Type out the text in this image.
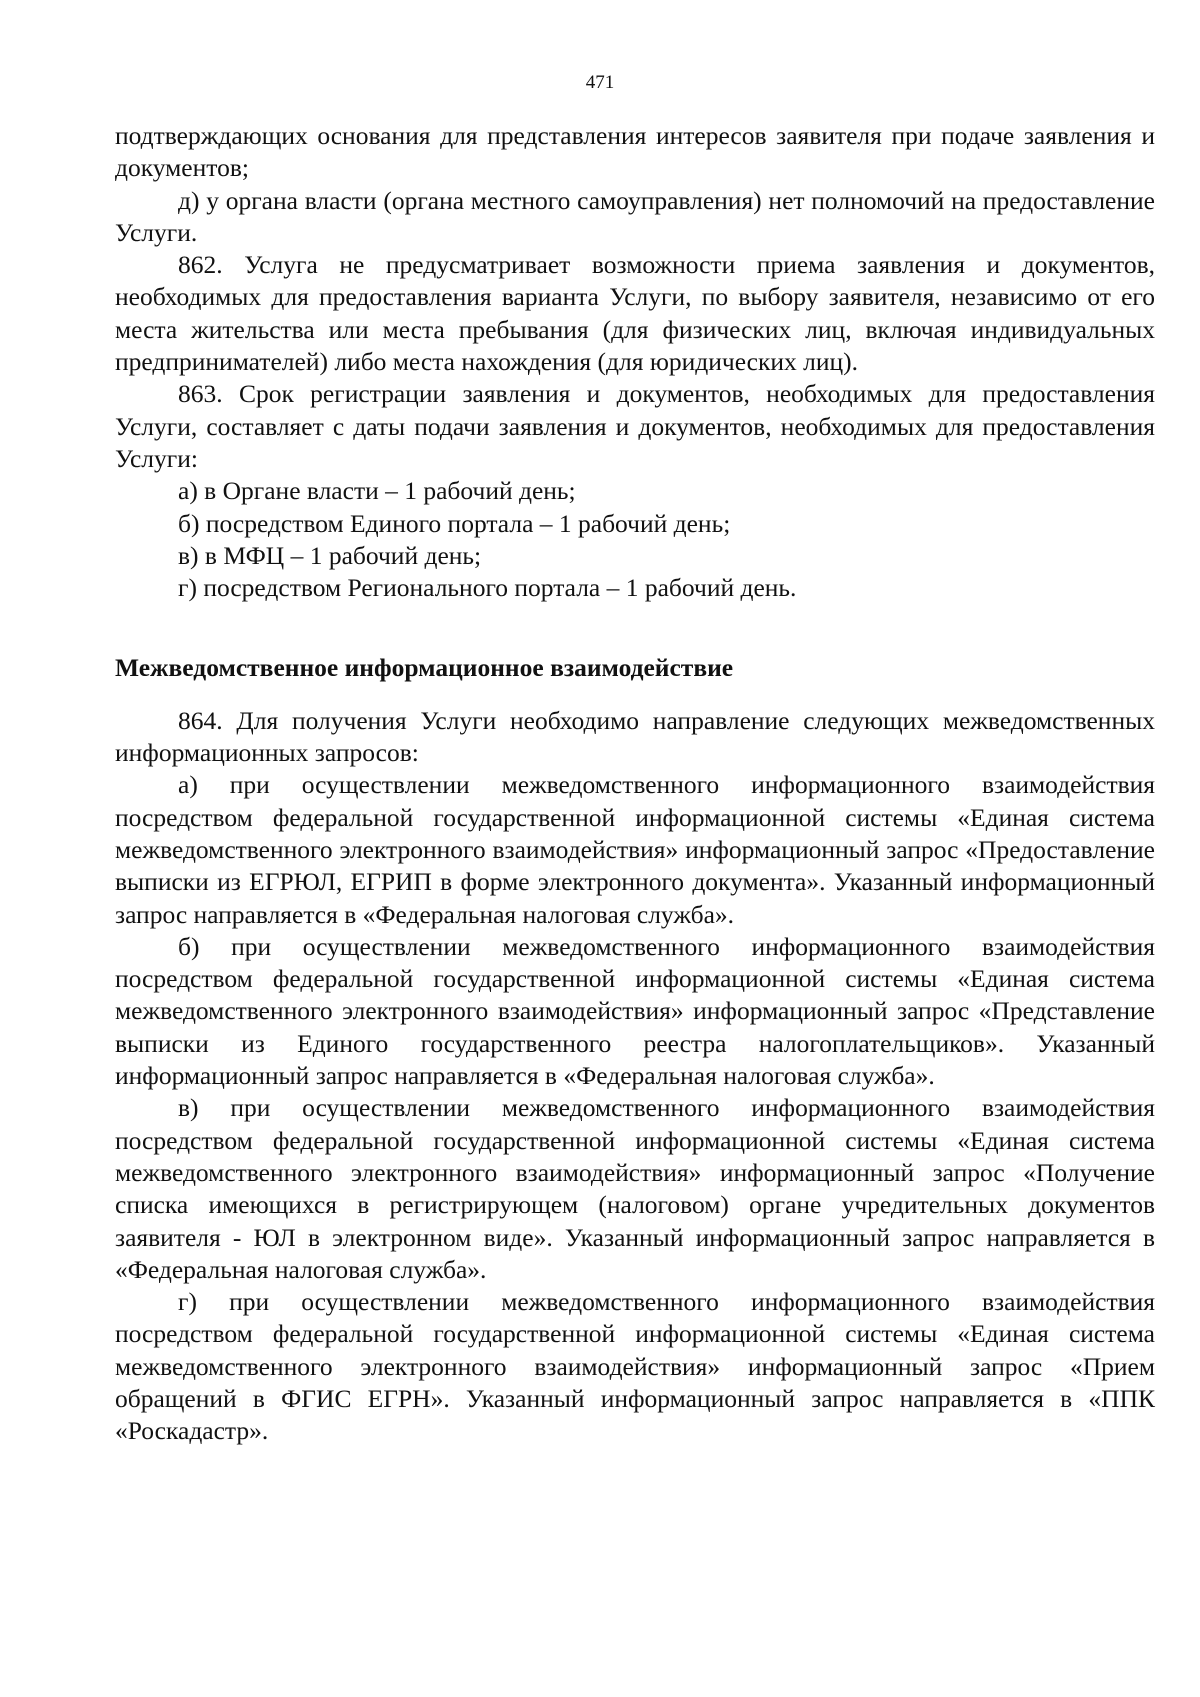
471

подтверждающих основания для представления интересов заявителя при подаче заявления и документов;

д) у органа власти (органа местного самоуправления) нет полномочий на предоставление Услуги.

862. Услуга не предусматривает возможности приема заявления и документов, необходимых для предоставления варианта Услуги, по выбору заявителя, независимо от его места жительства или места пребывания (для физических лиц, включая индивидуальных предпринимателей) либо места нахождения (для юридических лиц).

863. Срок регистрации заявления и документов, необходимых для предоставления Услуги, составляет с даты подачи заявления и документов, необходимых для предоставления Услуги:

а) в Органе власти – 1 рабочий день;

б) посредством Единого портала – 1 рабочий день;

в) в МФЦ – 1 рабочий день;

г) посредством Регионального портала – 1 рабочий день.

Межведомственное информационное взаимодействие

864. Для получения Услуги необходимо направление следующих межведомственных информационных запросов:

а) при осуществлении межведомственного информационного взаимодействия посредством федеральной государственной информационной системы «Единая система межведомственного электронного взаимодействия» информационный запрос «Предоставление выписки из ЕГРЮЛ, ЕГРИП в форме электронного документа». Указанный информационный запрос направляется в «Федеральная налоговая служба».

б) при осуществлении межведомственного информационного взаимодействия посредством федеральной государственной информационной системы «Единая система межведомственного электронного взаимодействия» информационный запрос «Представление выписки из Единого государственного реестра налогоплательщиков». Указанный информационный запрос направляется в «Федеральная налоговая служба».

в) при осуществлении межведомственного информационного взаимодействия посредством федеральной государственной информационной системы «Единая система межведомственного электронного взаимодействия» информационный запрос «Получение списка имеющихся в регистрирующем (налоговом) органе учредительных документов заявителя - ЮЛ в электронном виде». Указанный информационный запрос направляется в «Федеральная налоговая служба».

г) при осуществлении межведомственного информационного взаимодействия посредством федеральной государственной информационной системы «Единая система межведомственного электронного взаимодействия» информационный запрос «Прием обращений в ФГИС ЕГРН». Указанный информационный запрос направляется в «ППК «Роскадастр».
